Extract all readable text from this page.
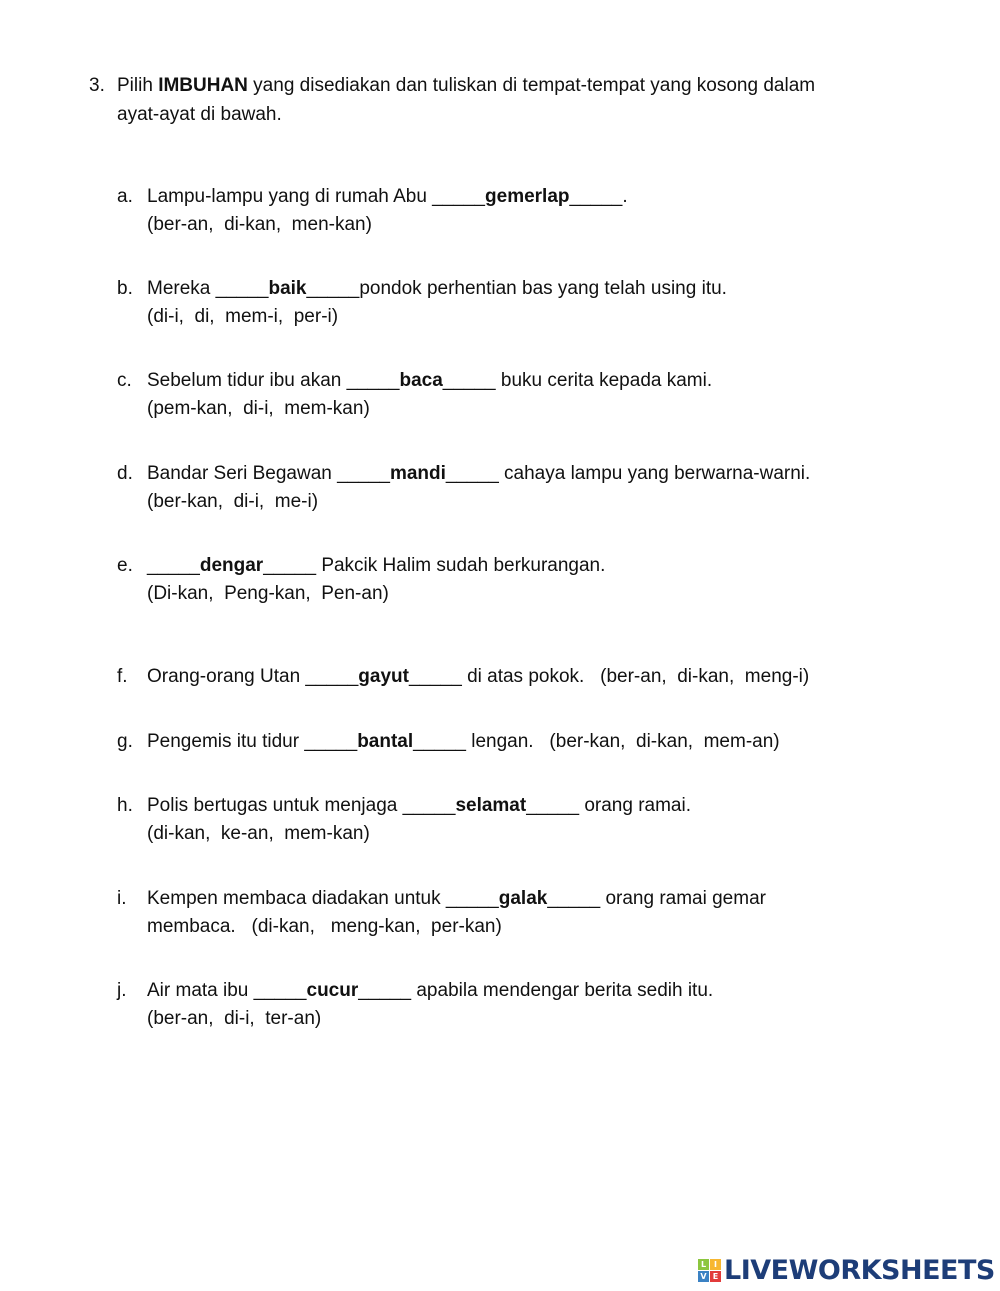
3. Pilih IMBUHAN yang disediakan dan tuliskan di tempat-tempat yang kosong dalam
ayat-ayat di bawah.
a. Lampu-lampu yang di rumah Abu _____gemerlap_____.
(ber-an,  di-kan,  men-kan)
b. Mereka _____baik_____pondok perhentian bas yang telah using itu.
(di-i,  di,  mem-i,  per-i)
c. Sebelum tidur ibu akan _____baca_____ buku cerita kepada kami.
(pem-kan,  di-i,  mem-kan)
d. Bandar Seri Begawan _____mandi_____ cahaya lampu yang berwarna-warni.
(ber-kan,  di-i,  me-i)
e. _____dengar_____ Pakcik Halim sudah berkurangan.
(Di-kan,  Peng-kan,  Pen-an)
f. Orang-orang Utan _____gayut_____ di atas pokok.   (ber-an,  di-kan,  meng-i)
g. Pengemis itu tidur _____bantal_____ lengan.   (ber-kan,  di-kan,  mem-an)
h. Polis bertugas untuk menjaga _____selamat_____ orang ramai.
(di-kan,  ke-an,  mem-kan)
i. Kempen membaca diadakan untuk _____galak_____ orang ramai gemar
membaca.   (di-kan,   meng-kan,  per-kan)
j. Air mata ibu _____cucur_____ apabila mendengar berita sedih itu.
(ber-an,  di-i,  ter-an)
L I
V E LIVEWORKSHEETS
